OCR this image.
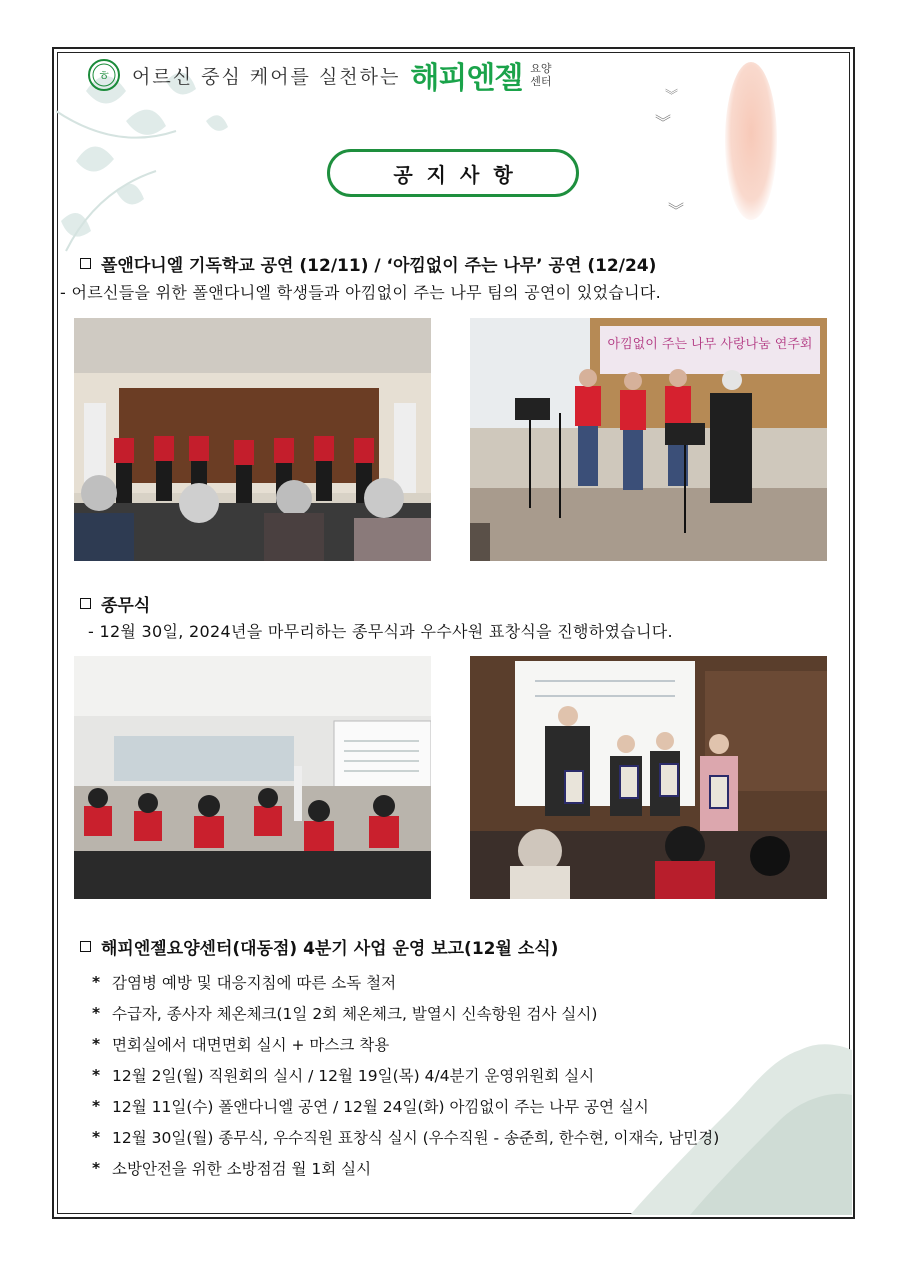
︾
︾
︾
ㅎ 어르신 중심 케어를 실천하는 해피엔젤 요양
센터
공지사항
폴앤다니엘 기독학교 공연 (12/11) / ‘아낌없이 주는 나무’ 공연 (12/24)
- 어르신들을 위한 폴앤다니엘 학생들과 아낌없이 주는 나무 팀의 공연이 있었습니다.
아낌없이 주는 나무 사랑나눔 연주회
종무식
- 12월 30일, 2024년을 마무리하는 종무식과 우수사원 표창식을 진행하였습니다.
해피엔젤요양센터(대동점) 4분기 사업 운영 보고(12월 소식)
* 감염병 예방 및 대응지침에 따른 소독 철저
* 수급자, 종사자 체온체크(1일 2회 체온체크, 발열시 신속항원 검사 실시)
* 면회실에서 대면면회 실시 + 마스크 착용
* 12월 2일(월) 직원회의 실시 / 12월 19일(목) 4/4분기 운영위원회 실시
* 12월 11일(수) 폴앤다니엘 공연 / 12월 24일(화) 아낌없이 주는 나무 공연 실시
* 12월 30일(월) 종무식, 우수직원 표창식 실시 (우수직원 - 송준희, 한수현, 이재숙, 남민경)
* 소방안전을 위한 소방점검 월 1회 실시
